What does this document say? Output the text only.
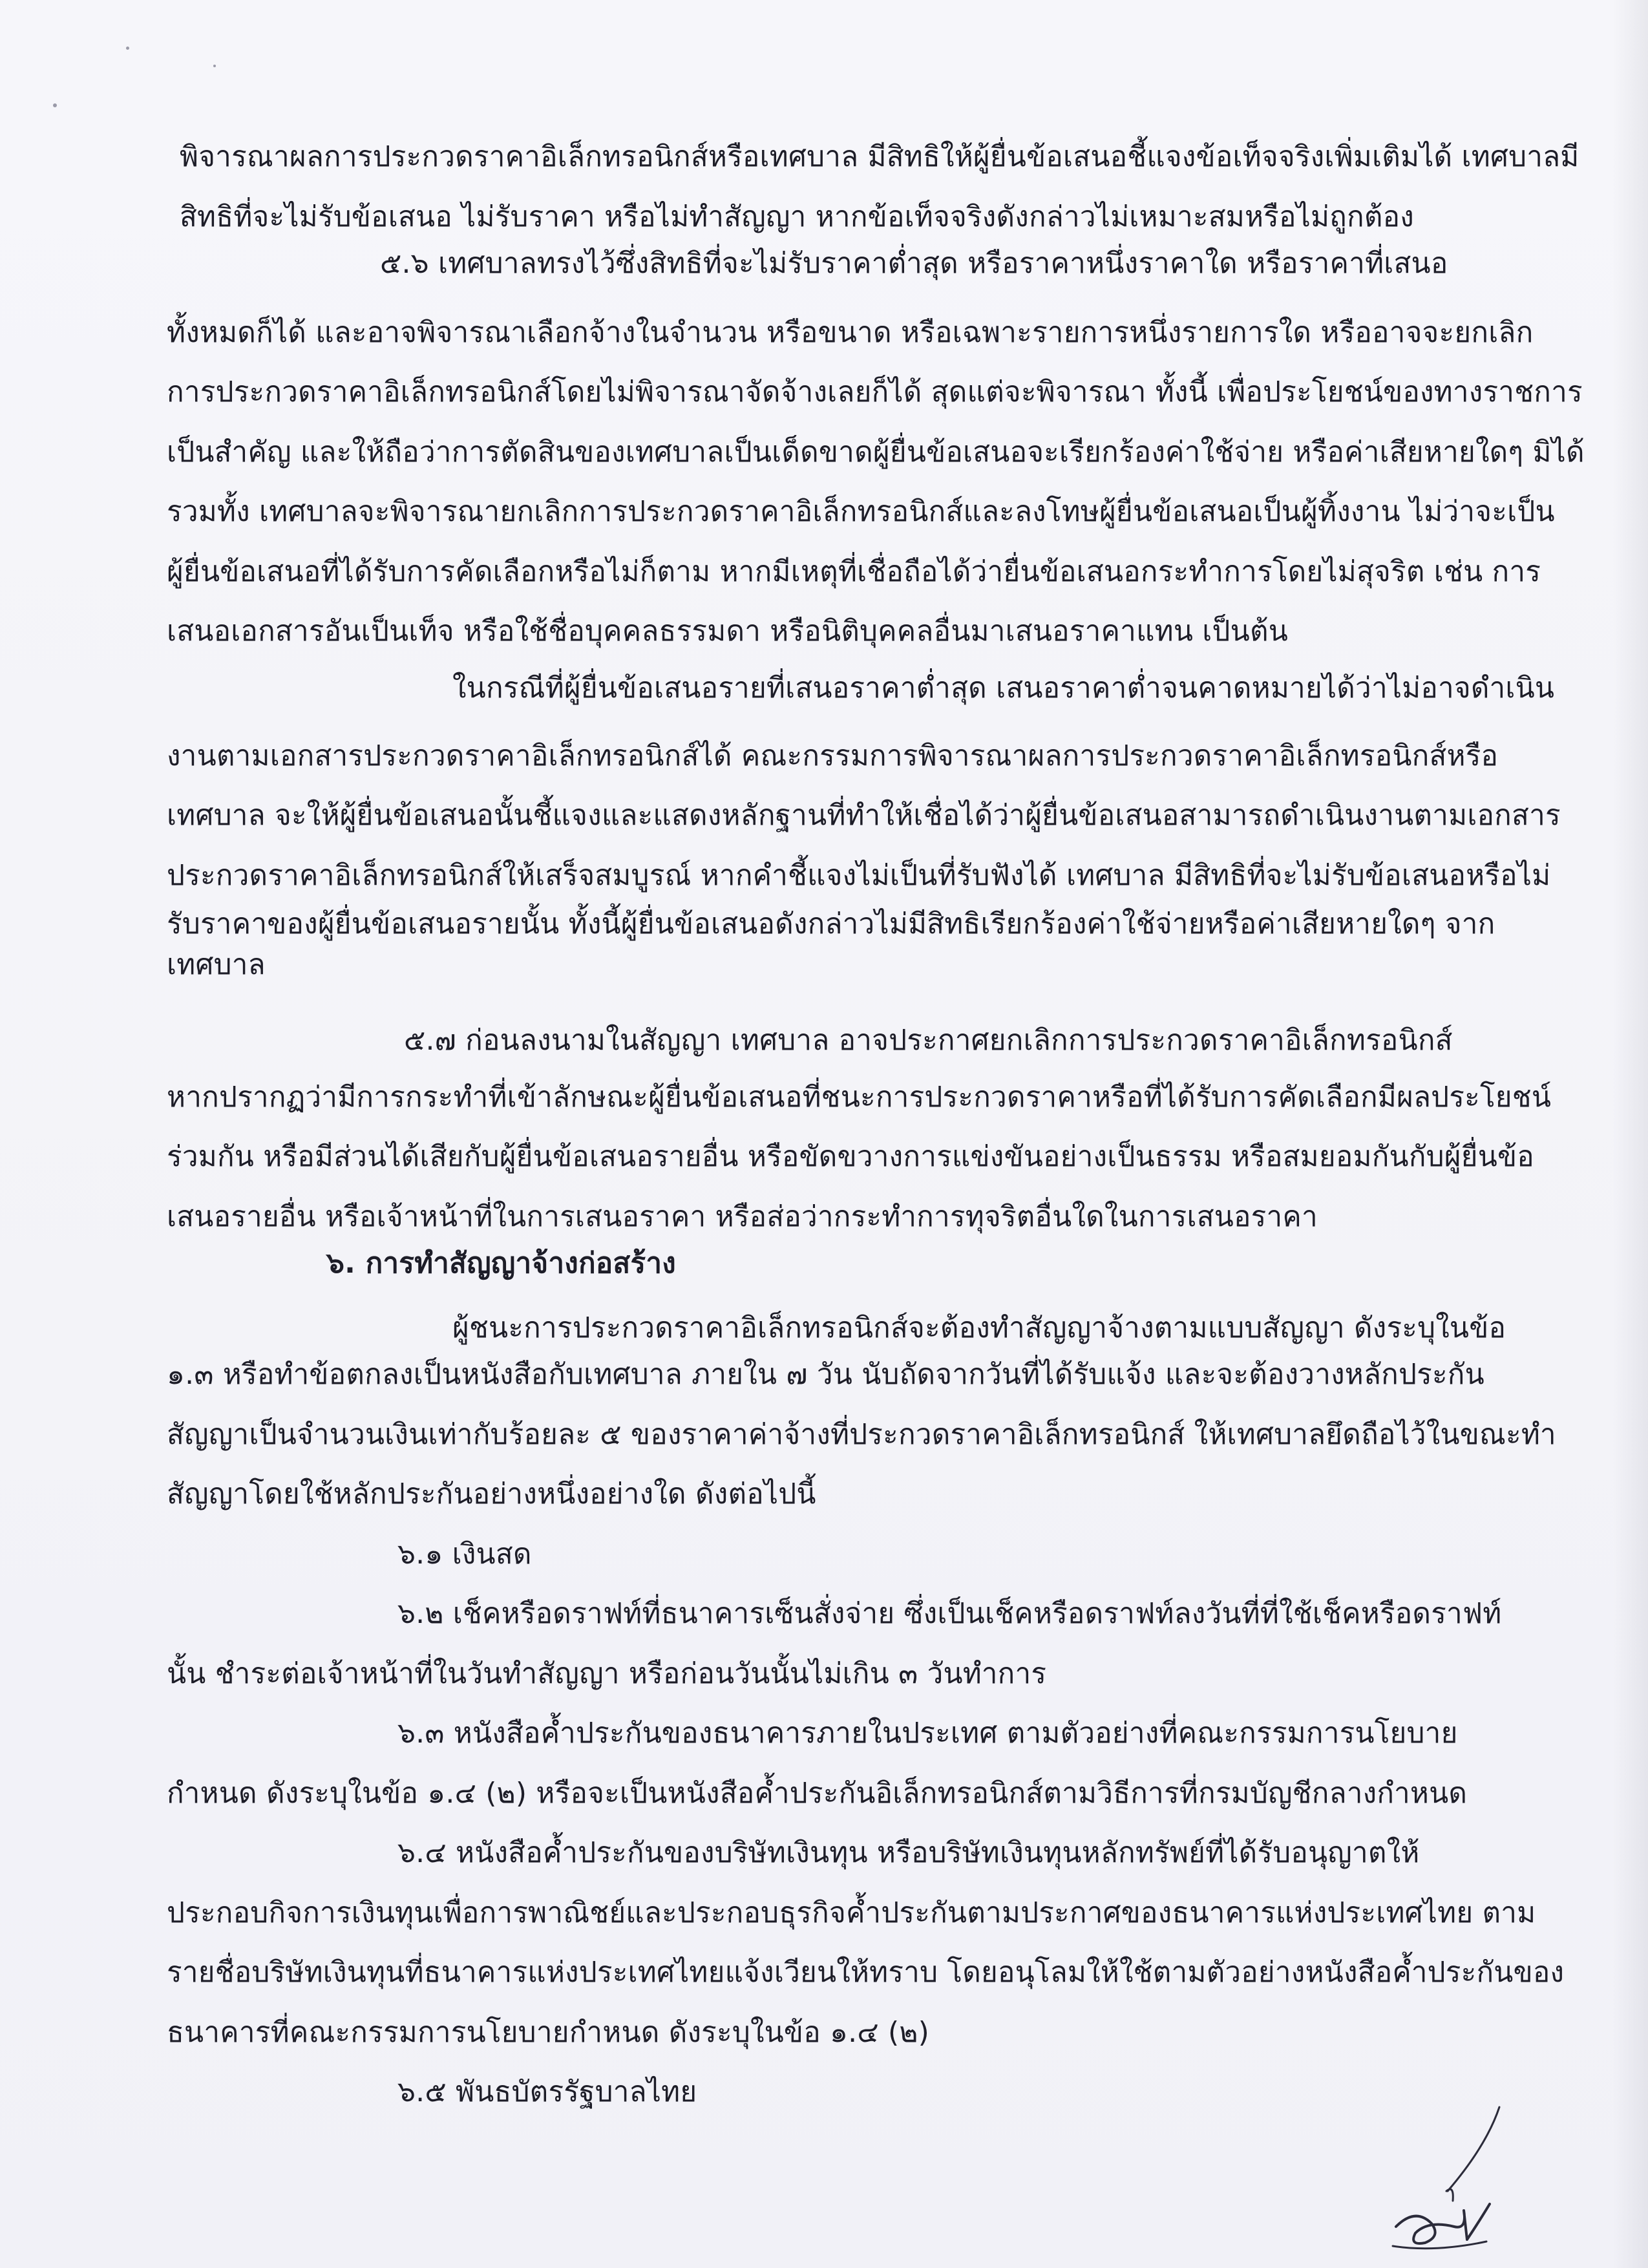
พิจารณาผลการประกวดราคาอิเล็กทรอนิกส์หรือเทศบาล มีสิทธิให้ผู้ยื่นข้อเสนอชี้แจงข้อเท็จจริงเพิ่มเติมได้ เทศบาลมี
สิทธิที่จะไม่รับข้อเสนอ ไม่รับราคา หรือไม่ทำสัญญา หากข้อเท็จจริงดังกล่าวไม่เหมาะสมหรือไม่ถูกต้อง
๕.๖ เทศบาลทรงไว้ซึ่งสิทธิที่จะไม่รับราคาต่ำสุด หรือราคาหนึ่งราคาใด หรือราคาที่เสนอ
ทั้งหมดก็ได้ และอาจพิจารณาเลือกจ้างในจำนวน หรือขนาด หรือเฉพาะรายการหนึ่งรายการใด หรืออาจจะยกเลิก
การประกวดราคาอิเล็กทรอนิกส์โดยไม่พิจารณาจัดจ้างเลยก็ได้ สุดแต่จะพิจารณา ทั้งนี้ เพื่อประโยชน์ของทางราชการ
เป็นสำคัญ และให้ถือว่าการตัดสินของเทศบาลเป็นเด็ดขาดผู้ยื่นข้อเสนอจะเรียกร้องค่าใช้จ่าย หรือค่าเสียหายใดๆ มิได้
รวมทั้ง เทศบาลจะพิจารณายกเลิกการประกวดราคาอิเล็กทรอนิกส์และลงโทษผู้ยื่นข้อเสนอเป็นผู้ทิ้งงาน ไม่ว่าจะเป็น
ผู้ยื่นข้อเสนอที่ได้รับการคัดเลือกหรือไม่ก็ตาม หากมีเหตุที่เชื่อถือได้ว่ายื่นข้อเสนอกระทำการโดยไม่สุจริต เช่น การ
เสนอเอกสารอันเป็นเท็จ หรือใช้ชื่อบุคคลธรรมดา หรือนิติบุคคลอื่นมาเสนอราคาแทน เป็นต้น
ในกรณีที่ผู้ยื่นข้อเสนอรายที่เสนอราคาต่ำสุด เสนอราคาต่ำจนคาดหมายได้ว่าไม่อาจดำเนิน
งานตามเอกสารประกวดราคาอิเล็กทรอนิกส์ได้ คณะกรรมการพิจารณาผลการประกวดราคาอิเล็กทรอนิกส์หรือ
เทศบาล จะให้ผู้ยื่นข้อเสนอนั้นชี้แจงและแสดงหลักฐานที่ทำให้เชื่อได้ว่าผู้ยื่นข้อเสนอสามารถดำเนินงานตามเอกสาร
ประกวดราคาอิเล็กทรอนิกส์ให้เสร็จสมบูรณ์ หากคำชี้แจงไม่เป็นที่รับฟังได้ เทศบาล มีสิทธิที่จะไม่รับข้อเสนอหรือไม่
รับราคาของผู้ยื่นข้อเสนอรายนั้น ทั้งนี้ผู้ยื่นข้อเสนอดังกล่าวไม่มีสิทธิเรียกร้องค่าใช้จ่ายหรือค่าเสียหายใดๆ จาก
เทศบาล
๕.๗ ก่อนลงนามในสัญญา เทศบาล อาจประกาศยกเลิกการประกวดราคาอิเล็กทรอนิกส์
หากปรากฏว่ามีการกระทำที่เข้าลักษณะผู้ยื่นข้อเสนอที่ชนะการประกวดราคาหรือที่ได้รับการคัดเลือกมีผลประโยชน์
ร่วมกัน หรือมีส่วนได้เสียกับผู้ยื่นข้อเสนอรายอื่น หรือขัดขวางการแข่งขันอย่างเป็นธรรม หรือสมยอมกันกับผู้ยื่นข้อ
เสนอรายอื่น หรือเจ้าหน้าที่ในการเสนอราคา หรือส่อว่ากระทำการทุจริตอื่นใดในการเสนอราคา
๖. การทำสัญญาจ้างก่อสร้าง
ผู้ชนะการประกวดราคาอิเล็กทรอนิกส์จะต้องทำสัญญาจ้างตามแบบสัญญา ดังระบุในข้อ
๑.๓ หรือทำข้อตกลงเป็นหนังสือกับเทศบาล ภายใน ๗ วัน นับถัดจากวันที่ได้รับแจ้ง และจะต้องวางหลักประกัน
สัญญาเป็นจำนวนเงินเท่ากับร้อยละ ๕ ของราคาค่าจ้างที่ประกวดราคาอิเล็กทรอนิกส์ ให้เทศบาลยึดถือไว้ในขณะทำ
สัญญาโดยใช้หลักประกันอย่างหนึ่งอย่างใด ดังต่อไปนี้
๖.๑ เงินสด
๖.๒ เช็คหรือดราฟท์ที่ธนาคารเซ็นสั่งจ่าย ซึ่งเป็นเช็คหรือดราฟท์ลงวันที่ที่ใช้เช็คหรือดราฟท์
นั้น ชำระต่อเจ้าหน้าที่ในวันทำสัญญา หรือก่อนวันนั้นไม่เกิน ๓ วันทำการ
๖.๓ หนังสือค้ำประกันของธนาคารภายในประเทศ ตามตัวอย่างที่คณะกรรมการนโยบาย
กำหนด ดังระบุในข้อ ๑.๔ (๒) หรือจะเป็นหนังสือค้ำประกันอิเล็กทรอนิกส์ตามวิธีการที่กรมบัญชีกลางกำหนด
๖.๔ หนังสือค้ำประกันของบริษัทเงินทุน หรือบริษัทเงินทุนหลักทรัพย์ที่ได้รับอนุญาตให้
ประกอบกิจการเงินทุนเพื่อการพาณิชย์และประกอบธุรกิจค้ำประกันตามประกาศของธนาคารแห่งประเทศไทย ตาม
รายชื่อบริษัทเงินทุนที่ธนาคารแห่งประเทศไทยแจ้งเวียนให้ทราบ โดยอนุโลมให้ใช้ตามตัวอย่างหนังสือค้ำประกันของ
ธนาคารที่คณะกรรมการนโยบายกำหนด ดังระบุในข้อ ๑.๔ (๒)
๖.๕ พันธบัตรรัฐบาลไทย
